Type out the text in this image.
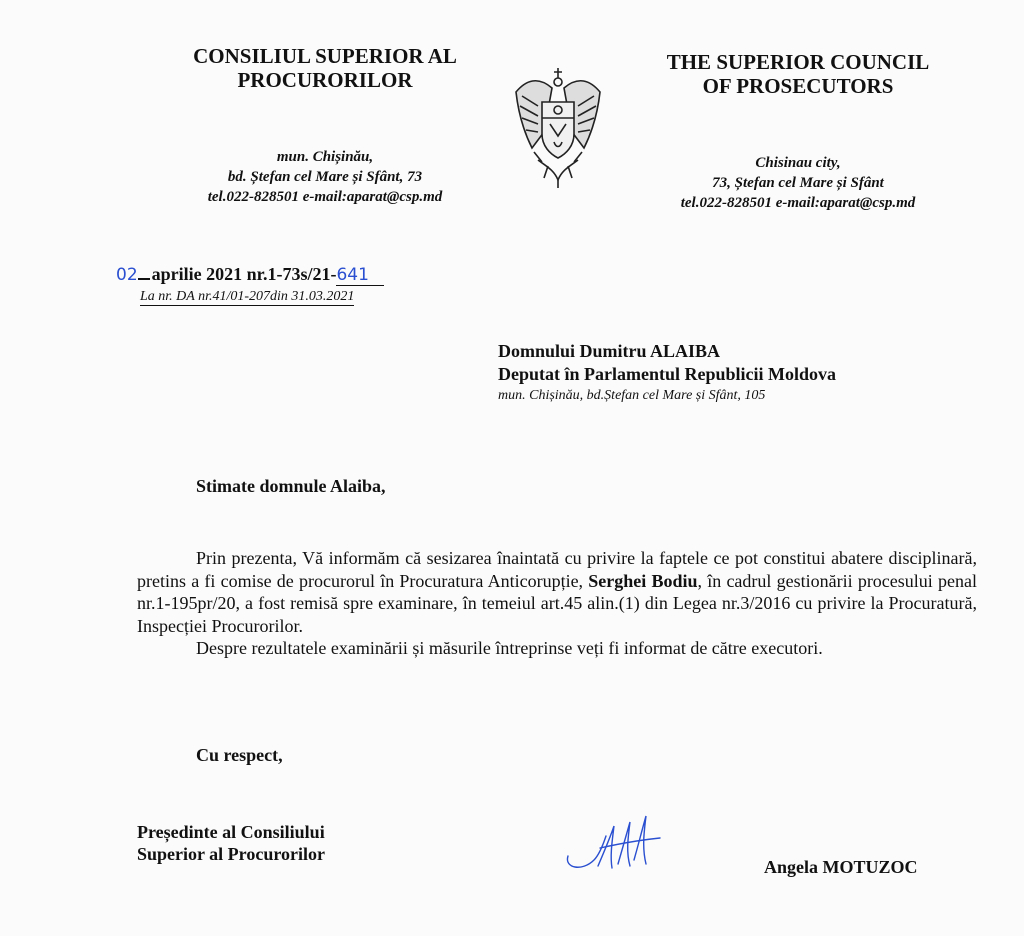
CONSILIUL SUPERIOR AL
PROCURORILOR
mun. Chișinău,
bd. Ștefan cel Mare și Sfânt, 73
tel.022-828501 e-mail:aparat@csp.md
THE SUPERIOR COUNCIL
OF PROSECUTORS
Chisinau city,
73, Ștefan cel Mare și Sfânt
tel.022-828501 e-mail:aparat@csp.md
02 aprilie 2021 nr.1-73s/21-641
La nr. DA nr.41/01-207din 31.03.2021
Domnului Dumitru ALAIBA
Deputat în Parlamentul Republicii Moldova
mun. Chișinău, bd.Ștefan cel Mare și Sfânt, 105
Stimate domnule Alaiba,
Prin prezenta, Vă informăm că sesizarea înaintată cu privire la faptele ce pot constitui abatere disciplinară, pretins a fi comise de procurorul în Procuratura Anticorupție, Serghei Bodiu, în cadrul gestionării procesului penal nr.1-195pr/20, a fost remisă spre examinare, în temeiul art.45 alin.(1) din Legea nr.3/2016 cu privire la Procuratură, Inspecției Procurorilor.
Despre rezultatele examinării și măsurile întreprinse veți fi informat de către executori.
Cu respect,
Președinte al Consiliului
Superior al Procurorilor
Angela MOTUZOC
